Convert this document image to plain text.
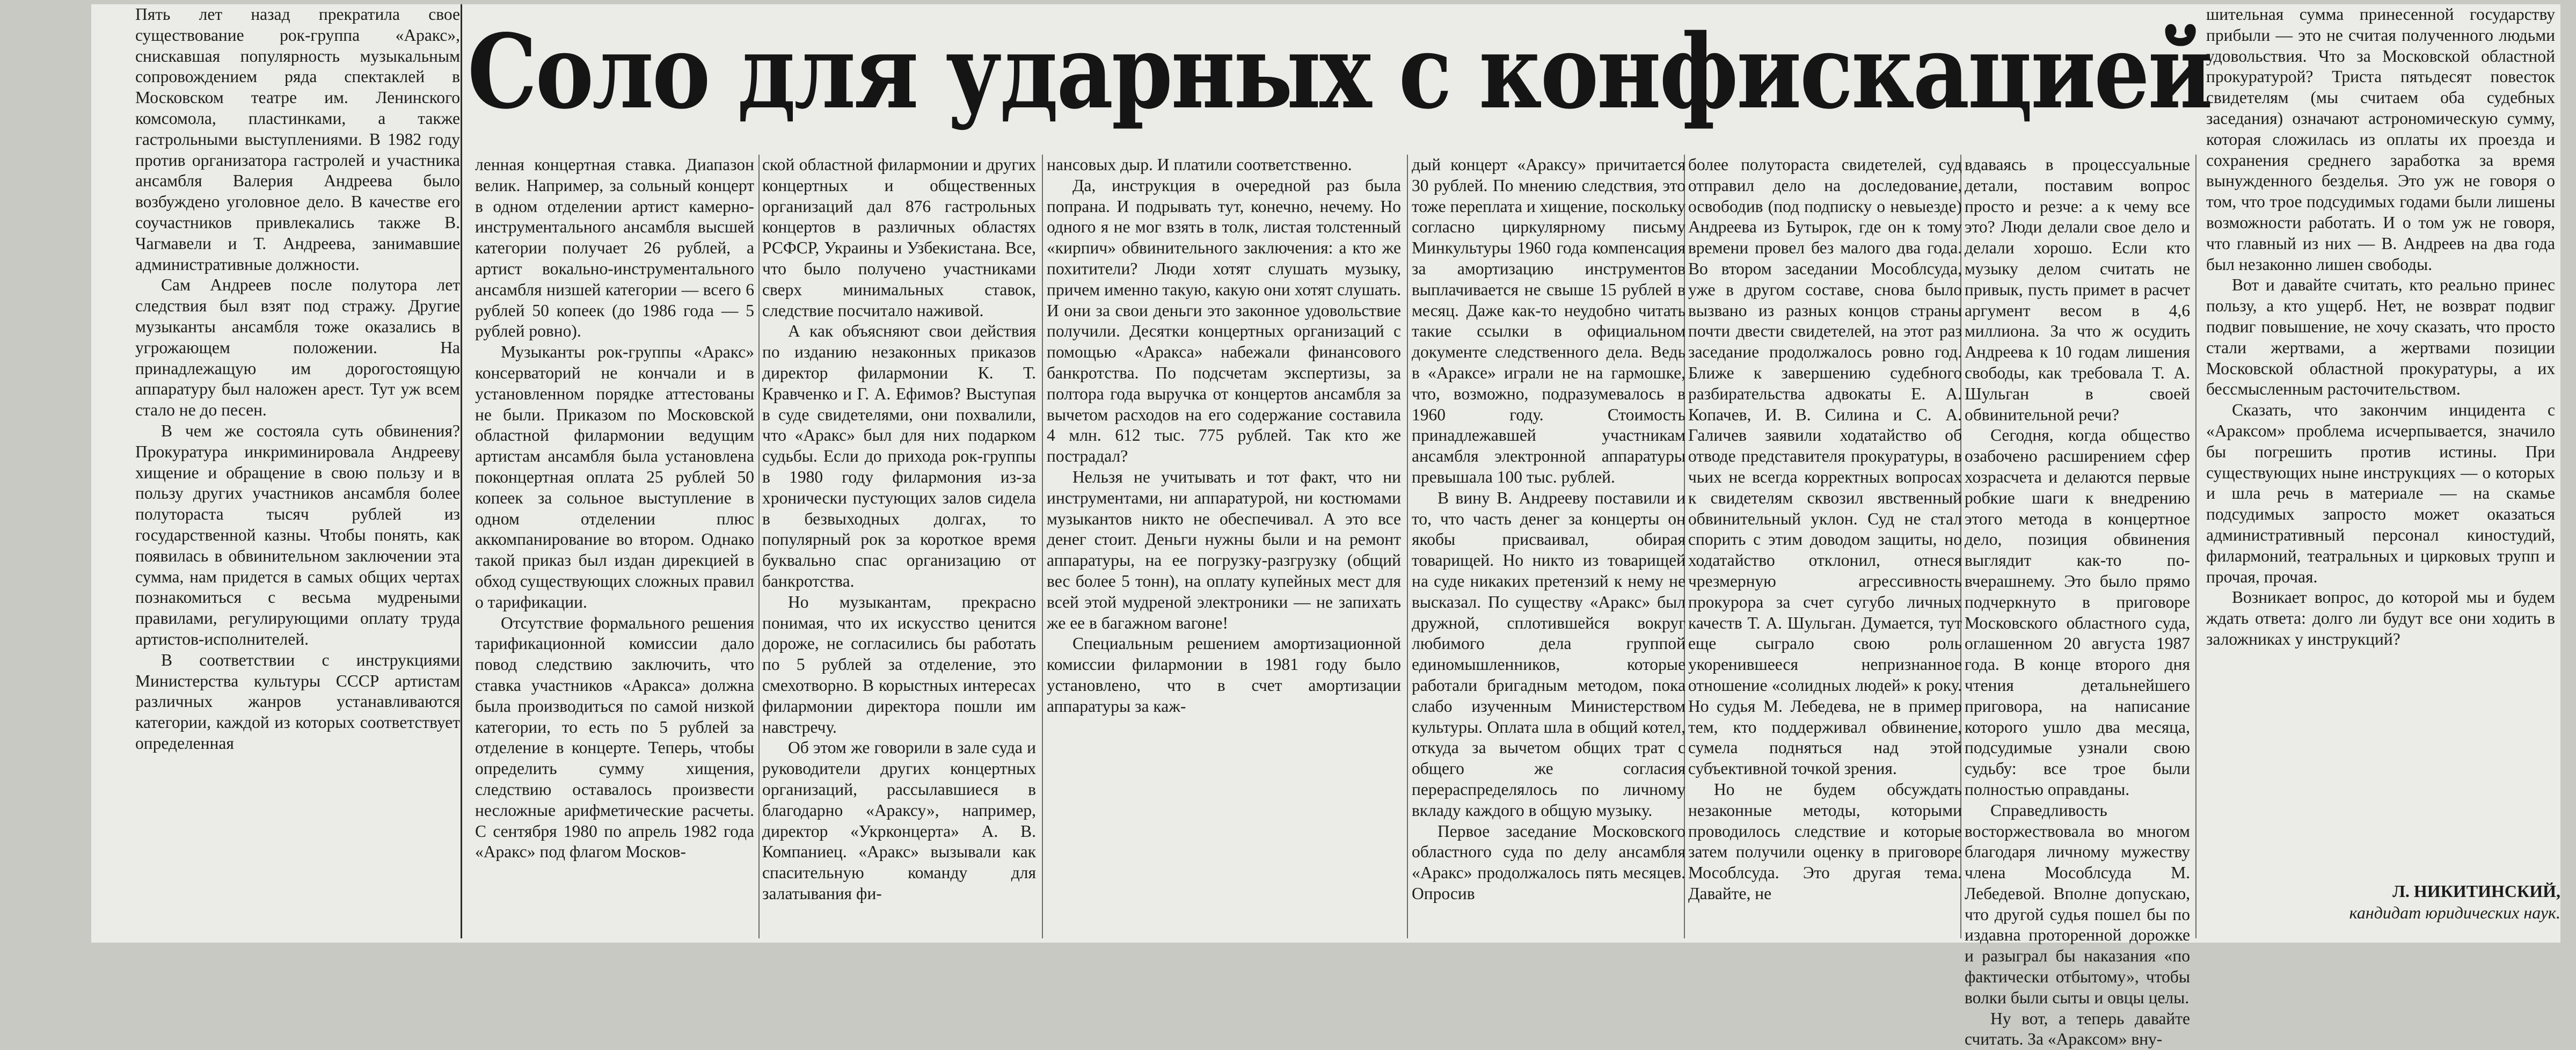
Соло для ударных с конфискацией

Пять лет назад прекратила свое существование рок-группа «Аракс», снискавшая популярность музыкальным сопровождением ряда спектаклей в Московском театре им. Ленинского комсомола, пластинками, а также гастрольными выступлениями. В 1982 году против организатора гастролей и участника ансамбля Валерия Андреева было возбуждено уголовное дело. В качестве его соучастников привлекались также В. Чагмавели и Т. Андреева, занимавшие административные должности.

Сам Андреев после полутора лет следствия был взят под стражу. Другие музыканты ансамбля тоже оказались в угрожающем положении. На принадлежащую им дорогостоящую аппаратуру был наложен арест. Тут уж всем стало не до песен.

В чем же состояла суть обвинения? Прокуратура инкриминировала Андрееву хищение и обращение в свою пользу и в пользу других участников ансамбля более полутораста тысяч рублей из государственной казны. Чтобы понять, как появилась в обвинительном заключении эта сумма, нам придется в самых общих чертах познакомиться с весьма мудреными правилами, регулирующими оплату труда артистов-исполнителей.

В соответствии с инструкциями Министерства культуры СССР артистам различных жанров устанавливаются категории, каждой из которых соответствует определенная

ленная концертная ставка. Диапазон велик. Например, за сольный концерт в одном отделении артист камерно-инструментального ансамбля высшей категории получает 26 рублей, а артист вокально-инструментального ансамбля низшей категории — всего 6 рублей 50 копеек (до 1986 года — 5 рублей ровно).

Музыканты рок-группы «Аракс» консерваторий не кончали и в установленном порядке аттестованы не были. Приказом по Московской областной филармонии ведущим артистам ансамбля была установлена поконцертная оплата 25 рублей 50 копеек за сольное выступление в одном отделении плюс аккомпанирование во втором. Однако такой приказ был издан дирекцией в обход существующих сложных правил о тарификации.

Отсутствие формального решения тарификационной комиссии дало повод следствию заключить, что ставка участников «Аракса» должна была производиться по самой низкой категории, то есть по 5 рублей за отделение в концерте. Теперь, чтобы определить сумму хищения, следствию оставалось произвести несложные арифметические расчеты. С сентября 1980 по апрель 1982 года «Аракс» под флагом Москов-

ской областной филармонии и других концертных и общественных организаций дал 876 гастрольных концертов в различных областях РСФСР, Украины и Узбекистана. Все, что было получено участниками сверх минимальных ставок, следствие посчитало наживой.

А как объясняют свои действия по изданию незаконных приказов директор филармонии К. Т. Кравченко и Г. А. Ефимов? Выступая в суде свидетелями, они похвалили, что «Аракс» был для них подарком судьбы. Если до прихода рок-группы в 1980 году филармония из-за хронически пустующих залов сидела в безвыходных долгах, то популярный рок за короткое время буквально спас организацию от банкротства.

Но музыкантам, прекрасно понимая, что их искусство ценится дороже, не согласились бы работать по 5 рублей за отделение, это смехотворно. В корыстных интересах филармонии директора пошли им навстречу.

Об этом же говорили в зале суда и руководители других концертных организаций, рассылавшиеся в благодарно «Араксу», например, директор «Укрконцерта» А. В. Компаниец. «Аракс» вызывали как спасительную команду для залатывания фи-

нансовых дыр. И платили соответственно.

Да, инструкция в очередной раз была попрана. И подрывать тут, конечно, нечему. Но одного я не мог взять в толк, листая толстенный «кирпич» обвинительного заключения: а кто же похитители? Люди хотят слушать музыку, причем именно такую, какую они хотят слушать. И они за свои деньги это законное удовольствие получили. Десятки концертных организаций с помощью «Аракса» набежали финансового банкротства. По подсчетам экспертизы, за полтора года выручка от концертов ансамбля за вычетом расходов на его содержание составила 4 млн. 612 тыс. 775 рублей. Так кто же пострадал?

Нельзя не учитывать и тот факт, что ни инструментами, ни аппаратурой, ни костюмами музыкантов никто не обеспечивал. А это все денег стоит. Деньги нужны были и на ремонт аппаратуры, на ее погрузку-разгрузку (общий вес более 5 тонн), на оплату купейных мест для всей этой мудреной электроники — не запихать же ее в багажном вагоне!

Специальным решением амортизационной комиссии филармонии в 1981 году было установлено, что в счет амортизации аппаратуры за каж-

дый концерт «Араксу» причитается 30 рублей. По мнению следствия, это тоже переплата и хищение, поскольку согласно циркулярному письму Минкультуры 1960 года компенсация за амортизацию инструментов выплачивается не свыше 15 рублей в месяц. Даже как-то неудобно читать такие ссылки в официальном документе следственного дела. Ведь в «Араксе» играли не на гармошке, что, возможно, подразумевалось в 1960 году. Стоимость принадлежавшей участникам ансамбля электронной аппаратуры превышала 100 тыс. рублей.

В вину В. Андрееву поставили и то, что часть денег за концерты он якобы присваивал, обирая товарищей. Но никто из товарищей на суде никаких претензий к нему не высказал. По существу «Аракс» был дружной, сплотившейся вокруг любимого дела группой единомышленников, которые работали бригадным методом, пока слабо изученным Министерством культуры. Оплата шла в общий котел, откуда за вычетом общих трат с общего же согласия перераспределялось по личному вкладу каждого в общую музыку.

Первое заседание Московского областного суда по делу ансамбля «Аракс» продолжалось пять месяцев. Опросив

более полутораста свидетелей, суд отправил дело на доследование, освободив (под подписку о невыезде) Андреева из Бутырок, где он к тому времени провел без малого два года. Во втором заседании Мособлсуда, уже в другом составе, снова было вызвано из разных концов страны почти двести свидетелей, на этот раз заседание продолжалось ровно год. Ближе к завершению судебного разбирательства адвокаты Е. А. Копачев, И. В. Силина и С. А. Галичев заявили ходатайство об отводе представителя прокуратуры, в чьих не всегда корректных вопросах к свидетелям сквозил явственный обвинительный уклон. Суд не стал спорить с этим доводом защиты, но ходатайство отклонил, отнеся чрезмерную агрессивность прокурора за счет сугубо личных качеств Т. А. Шульган. Думается, тут еще сыграло свою роль укоренившееся непризнанное отношение «солидных людей» к року. Но судья М. Лебедева, не в пример тем, кто поддерживал обвинение, сумела подняться над этой субъективной точкой зрения.

Но не будем обсуждать незаконные методы, которыми проводилось следствие и которые затем получили оценку в приговоре Мособлсуда. Это другая тема. Давайте, не

вдаваясь в процессуальные детали, поставим вопрос просто и резче: а к чему все это? Люди делали свое дело и делали хорошо. Если кто музыку делом считать не привык, пусть примет в расчет аргумент весом в 4,6 миллиона. За что ж осудить Андреева к 10 годам лишения свободы, как требовала Т. А. Шульган в своей обвинительной речи?

Сегодня, когда общество озабочено расширением сфер хозрасчета и делаются первые робкие шаги к внедрению этого метода в концертное дело, позиция обвинения выглядит как-то по-вчерашнему. Это было прямо подчеркнуто в приговоре Московского областного суда, оглашенном 20 августа 1987 года. В конце второго дня чтения детальнейшего приговора, на написание которого ушло два месяца, подсудимые узнали свою судьбу: все трое были полностью оправданы.

Справедливость восторжествовала во многом благодаря личному мужеству члена Мособлсуда М. Лебедевой. Вполне допускаю, что другой судья пошел бы по издавна проторенной дорожке и разыграл бы наказания «по фактически отбытому», чтобы волки были сыты и овцы целы.

Ну вот, а теперь давайте считать. За «Араксом» вну-

шительная сумма принесенной государству прибыли — это не считая полученного людьми удовольствия. Что за Московской областной прокуратурой? Триста пятьдесят повесток свидетелям (мы считаем оба судебных заседания) означают астрономическую сумму, которая сложилась из оплаты их проезда и сохранения среднего заработка за время вынужденного безделья. Это уж не говоря о том, что трое подсудимых годами были лишены возможности работать. И о том уж не говоря, что главный из них — В. Андреев на два года был незаконно лишен свободы.

Вот и давайте считать, кто реально принес пользу, а кто ущерб. Нет, не возврат подвиг подвиг повышение, не хочу сказать, что просто стали жертвами, а жертвами позиции Московской областной прокуратуры, а их бессмысленным расточительством.

Сказать, что закончим инцидента с «Араксом» проблема исчерпывается, значило бы погрешить против истины. При существующих ныне инструкциях — о которых и шла речь в материале — на скамье подсудимых запросто может оказаться административный персонал киностудий, филармоний, театральных и цирковых трупп и прочая, прочая.

Возникает вопрос, до которой мы и будем ждать ответа: долго ли будут все они ходить в заложниках у инструкций?

Л. НИКИТИНСКИЙ,
кандидат юридических наук.
